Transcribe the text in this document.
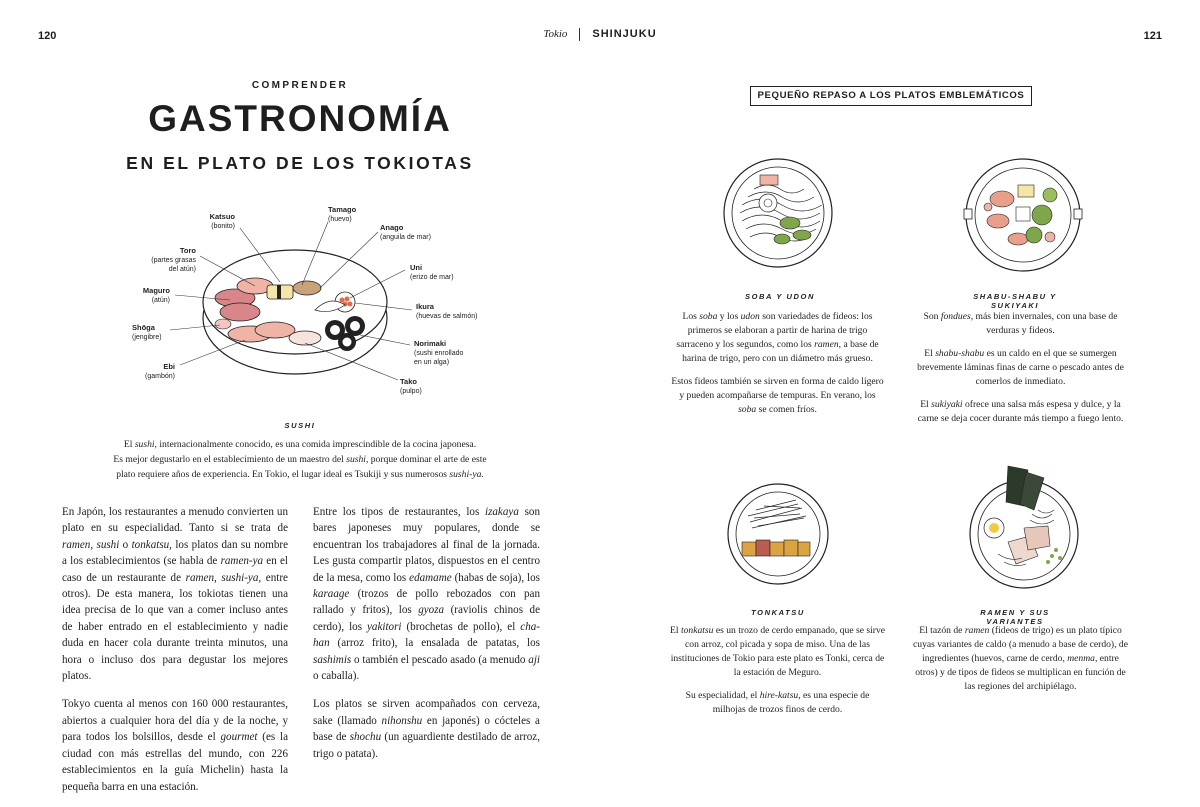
120	Tokio SHINJUKU	121
COMPRENDER
GASTRONOMÍA
EN EL PLATO DE LOS TOKIOTAS
Katsuo
(bonito)
Tamago
(huevo)
Anago
(anguila de mar)
Toro
(partes grasas
del atún)	Uni
(erizo de mar)
Maguro
(atún)
Ikura
(huevas de salmón)
Shōga
(jengibre)
Norimaki
(sushi enrollado
en un alga)
Ebi
(gambón)
Tako
(pulpo)
SUSHI
El sushi, internacionalmente conocido, es una comida imprescindible de la cocina japonesa.
Es mejor degustarlo en el establecimiento de un maestro del sushi, porque dominar el arte de este
plato requiere años de experiencia. En Tokio, el lugar ideal es Tsukiji y sus numerosos sushi-ya.

En Japón, los restaurantes a menudo convierten un plato en su especialidad. Tanto si se trata de ramen, sushi o tonkatsu, los platos dan su nombre a los establecimientos (se habla de ramen-ya en el caso de un restaurante de ramen, sushi-ya, entre otros). De esta manera, los tokiotas tienen una idea precisa de lo que van a comer incluso antes de haber entrado en el establecimiento y nadie duda en hacer cola durante treinta minutos, una hora o incluso dos para degustar los mejores platos.

Tokyo cuenta al menos con 160 000 restaurantes, abiertos a cualquier hora del día y de la noche, y para todos los bolsillos, desde el gourmet (es la ciudad con más estrellas del mundo, con 226 establecimientos en la guía Michelin) hasta la pequeña barra en una estación.

Entre los tipos de restaurantes, los izakaya son bares japoneses muy populares, donde se encuentran los trabajadores al final de la jornada. Les gusta compartir platos, dispuestos en el centro de la mesa, como los edamame (habas de soja), los karaage (trozos de pollo rebozados con pan rallado y fritos), los gyoza (raviolis chinos de cerdo), los yakitori (brochetas de pollo), el cha-han (arroz frito), la ensalada de patatas, los sashimis o también el pescado asado (a menudo aji o caballa).

Los platos se sirven acompañados con cerveza, sake (llamado nihonshu en japonés) o cócteles a base de shochu (un aguardiente destilado de arroz, trigo o patata).

PEQUEÑO REPASO A LOS PLATOS EMBLEMÁTICOS
SOBA Y UDON

Los soba y los udon son variedades de fideos: los primeros se elaboran a partir de harina de trigo sarraceno y los segundos, como los ramen, a base de harina de trigo, pero con un diámetro más grueso.

Estos fideos también se sirven en forma de caldo ligero y pueden acompañarse de tempuras. En verano, los soba se comen fríos.

SHABU-SHABU Y SUKIYAKI

Son fondues, más bien invernales, con una base de verduras y fideos.

El shabu-shabu es un caldo en el que se sumergen brevemente láminas finas de carne o pescado antes de comerlos de inmediato.

El sukiyaki ofrece una salsa más espesa y dulce, y la carne se deja cocer durante más tiempo a fuego lento.

TONKATSU

El tonkatsu es un trozo de cerdo empanado, que se sirve con arroz, col picada y sopa de miso. Una de las instituciones de Tokio para este plato es Tonki, cerca de la estación de Meguro.

Su especialidad, el hire-katsu, es una especie de milhojas de trozos finos de cerdo.

RAMEN Y SUS VARIANTES

El tazón de ramen (fideos de trigo) es un plato típico cuyas variantes de caldo (a menudo a base de cerdo), de ingredientes (huevos, carne de cerdo, menma, entre otros) y de tipos de fideos se multiplican en función de las regiones del archipiélago.
